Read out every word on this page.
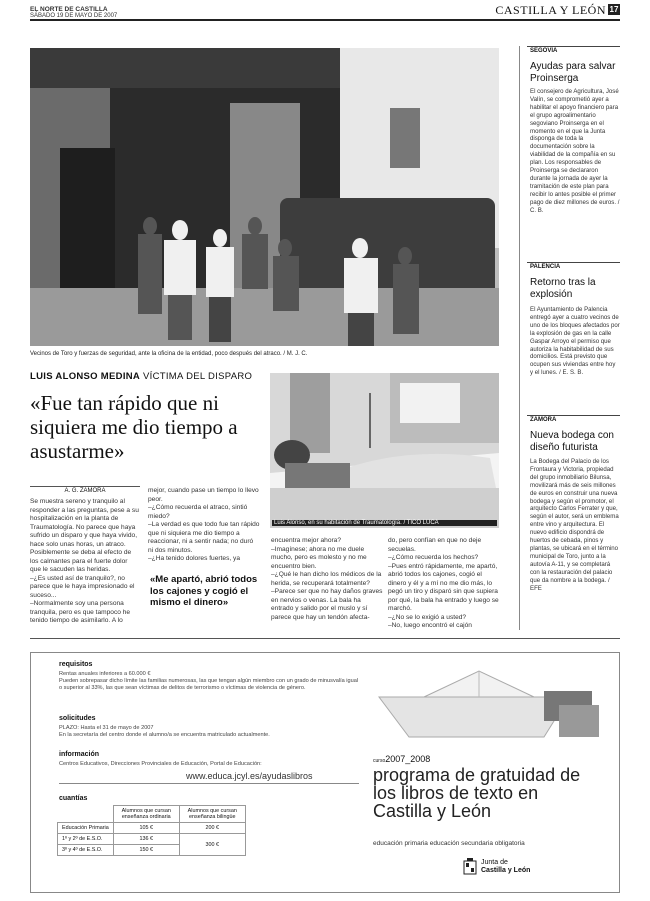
EL NORTE DE CASTILLA
SÁBADO 19 DE MAYO DE 2007	CASTILLA Y LEÓN 17
Vecinos de Toro y fuerzas de seguridad, ante la oficina de la entidad, poco después del atraco. / M. J. C.
LUIS ALONSO MEDINA VÍCTIMA DEL DISPARO
«Fue tan rápido que ni siquiera me dio tiempo a asustarme»
A. G. ZAMORA
Se muestra sereno y tranquilo al responder a las preguntas, pese a su hospitalización en la planta de Traumatología. No parece que haya sufrido un disparo y que haya vivido, hace solo unas horas, un atraco. Posiblemente se deba al efecto de los calmantes para el fuerte dolor que le sacuden las heridas.
–¿Es usted así de tranquilo?, no parece que le haya impresionado el suceso...
–Normalmente soy una persona tranquila, pero es que tampoco he tenido tiempo de asimilarlo. A lo
mejor, cuando pase un tiempo lo llevo peor.
–¿Cómo recuerda el atraco, sintió miedo?
–La verdad es que todo fue tan rápido que ni siquiera me dio tiempo a reaccionar, ni a sentir nada; no duró ni dos minutos.
–¿Ha tenido dolores fuertes, ya
«Me apartó, abrió todos los cajones y cogió el mismo el dinero»
Luis Alonso, en su habitación de Traumatología. / TICO LUCA
encuentra mejor ahora?
–Imagínese; ahora no me duele mucho, pero es molesto y no me encuentro bien.
–¿Qué le han dicho los médicos de la herida, se recuperará totalmente?
–Parece ser que no hay daños graves en nervios o venas. La bala ha entrado y salido por el muslo y sí parece que hay un tendón afecta-
do, pero confían en que no deje secuelas.
–¿Cómo recuerda los hechos?
–Pues entró rápidamente, me apartó, abrió todos los cajones, cogió el dinero y él y a mí no me dio más, lo pegó un tiro y disparó sin que supiera por qué, la bala ha entrado y luego se marchó.
–¿No se lo exigió a usted?
–No, luego encontró el cajón
SEGOVIA
Ayudas para salvar Proinserga
El consejero de Agricultura, José Valín, se comprometió ayer a habilitar el apoyo financiero para el grupo agroalimentario segoviano Proinserga en el momento en el que la Junta disponga de toda la documentación sobre la viabilidad de la compañía en su plan. Los responsables de Proinserga se declararon durante la jornada de ayer la tramitación de este plan para recibir lo antes posible el primer pago de diez millones de euros. / C. B.
PALENCIA
Retorno tras la explosión
El Ayuntamiento de Palencia entregó ayer a cuatro vecinos de uno de los bloques afectados por la explosión de gas en la calle Gaspar Arroyo el permiso que autoriza la habitabilidad de sus domicilios. Está previsto que ocupen sus viviendas entre hoy y el lunes. / E. S. B.
ZAMORA
Nueva bodega con diseño futurista
La Bodega del Palacio de los Frontaura y Victoria, propiedad del grupo inmobiliario Bilunsa, movilizará más de seis millones de euros en construir una nueva bodega y según el promotor, el arquitecto Carlos Ferrater y que, según el autor, será un emblema entre vino y arquitectura. El nuevo edificio dispondrá de huertos de cebada, pinos y plantas, se ubicará en el término municipal de Toro, junto a la autovía A-11, y se completará con la restauración del palacio que da nombre a la bodega. / EFE
requisitos
Rentas anuales inferiores a 60.000 €
Pueden sobrepasar dicho límite las familias numerosas, las que tengan algún miembro con un grado de minusvalía igual o superior al 33%, las que sean víctimas de delitos de terrorismo o víctimas de violencia de género.
solicitudes
PLAZO: Hasta el 31 de mayo de 2007
En la secretaría del centro donde el alumno/a se encuentra matriculado actualmente.
información
Centros Educativos, Direcciones Provinciales de Educación, Portal de Educación:
www.educa.jcyl.es/ayudaslibros
cuantías
	Alumnos que cursan enseñanza ordinaria	Alumnos que cursan enseñanza bilingüe
Educación Primaria	105 €	200 €
1º y 2º de E.S.O.	136 €	300 €
3º y 4º de E.S.O.	150 €	
curso2007_2008
programa de gratuidad de los libros de texto en Castilla y León
educación primaria educación secundaria obligatoria
Junta de
Castilla y León
